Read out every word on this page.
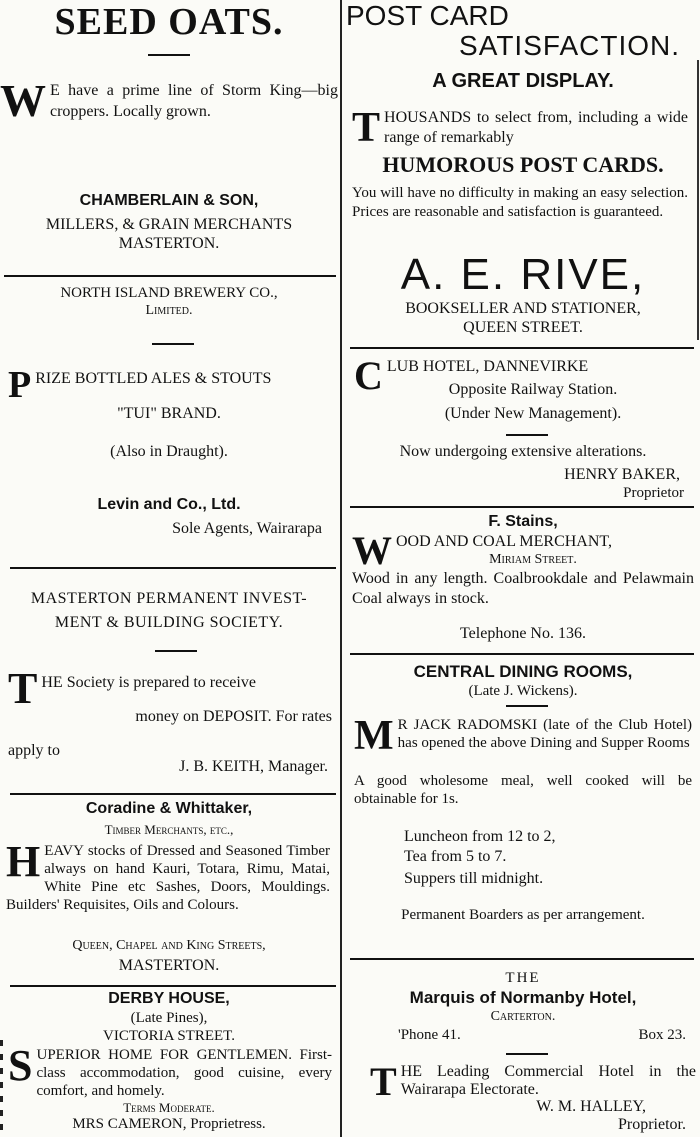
SEED OATS.
W E have a prime line of Storm King—big croppers. Locally grown.
CHAMBERLAIN & SON,
MILLERS, & GRAIN MERCHANTS
MASTERTON.
NORTH ISLAND BREWERY CO.,
Limited.
PRIZE BOTTLED ALES & STOUTS
"TUI" BRAND.
(Also in Draught).
Levin and Co., Ltd.
Sole Agents, Wairarapa
MASTERTON PERMANENT INVEST-
MENT & BUILDING SOCIETY.
T HE Society is prepared to receive

money on DEPOSIT. For rates

apply to

J. B. KEITH, Manager.
Coradine & Whittaker,
Timber Merchants, etc.,
HEAVY stocks of Dressed and Seasoned Timber always on hand Kauri, Totara, Rimu, Matai, White Pine etc Sashes, Doors, Mouldings. Builders' Requisites, Oils and Colours.
Queen, Chapel and King Streets,
MASTERTON.
DERBY HOUSE,
(Late Pines),
VICTORIA STREET.
SUPERIOR HOME FOR GENTLEMEN. First-class accommodation, good cuisine, every comfort, and homely.
Terms Moderate.
MRS CAMERON, Proprietress.
POST CARD
SATISFACTION.
A GREAT DISPLAY.
THOUSANDS to select from, including a wide range of remarkably
HUMOROUS POST CARDS.
You will have no difficulty in making an easy selection. Prices are reasonable and satisfaction is guaranteed.
A. E. RIVE,
BOOKSELLER AND STATIONER,
QUEEN STREET.
CLUB HOTEL, DANNEVIRKE
Opposite Railway Station.
(Under New Management).
Now undergoing extensive alterations.
HENRY BAKER,
Proprietor
F. Stains,
WOOD AND COAL MERCHANT,
Miriam Street.
Wood in any length. Coalbrookdale and Pelawmain Coal always in stock.
Telephone No. 136.
CENTRAL DINING ROOMS,
(Late J. Wickens).
M R JACK RADOMSKI (late of the Club Hotel) has opened the above Dining and Supper Rooms
A good wholesome meal, well cooked will be obtainable for 1s.
Luncheon from 12 to 2,
Tea from 5 to 7.
Suppers till midnight.
Permanent Boarders as per arrangement.
THE
Marquis of Normanby Hotel,
Carterton.
'Phone 41.	Box 23.
THE Leading Commercial Hotel in the Wairarapa Electorate.
W. M. HALLEY,
Proprietor.
